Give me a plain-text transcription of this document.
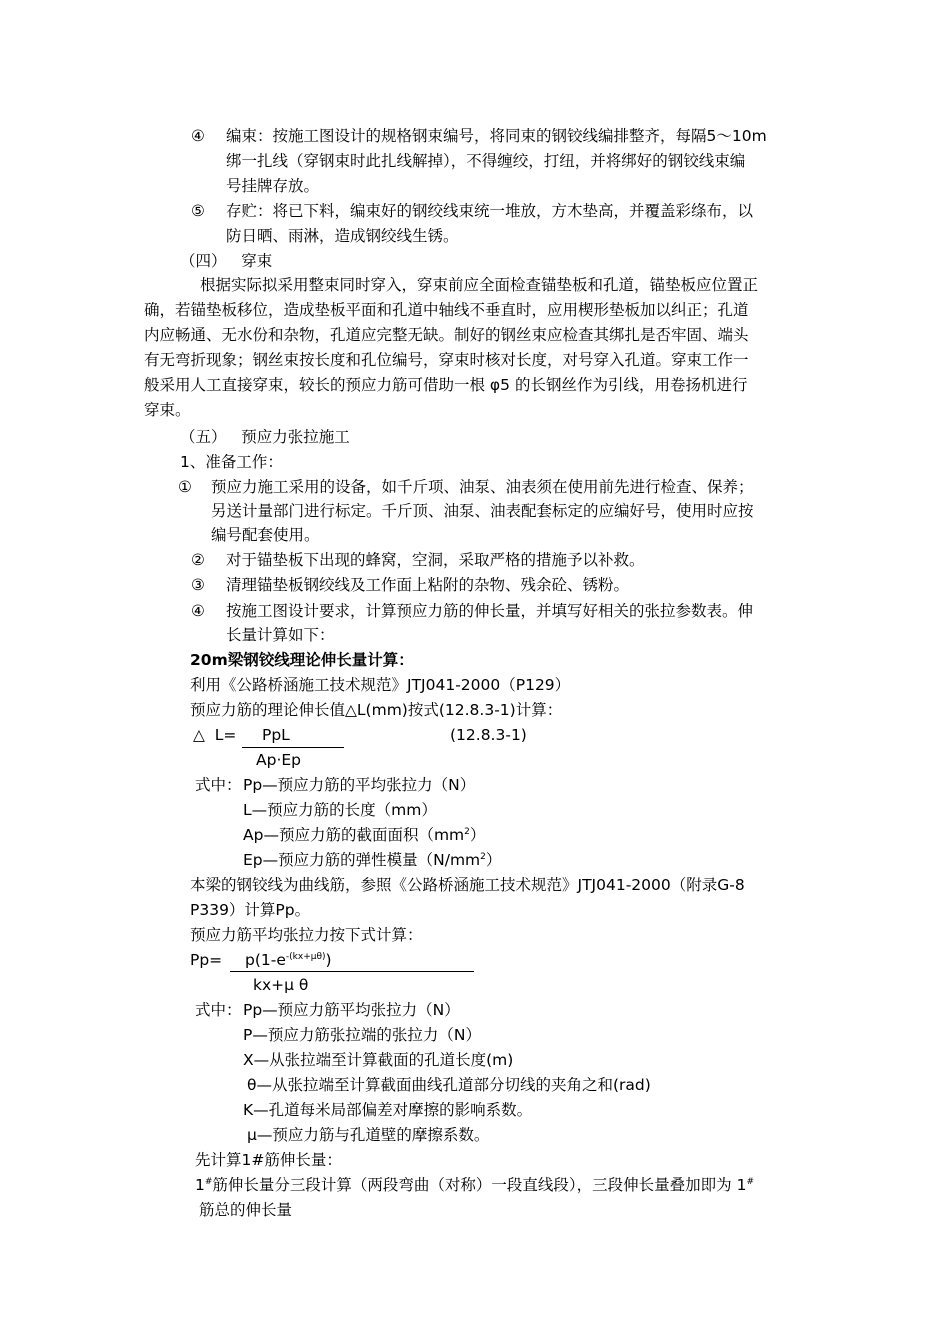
④ 编束：按施工图设计的规格钢束编号，将同束的钢铰线编排整齐，每隔5～10m
绑一扎线（穿钢束时此扎线解掉），不得缠绞，打纽，并将绑好的钢铰线束编
号挂牌存放。
⑤ 存贮：将已下料，编束好的钢绞线束统一堆放，方木垫高，并覆盖彩绦布，以
防日晒、雨淋，造成钢绞线生锈。
（四）   穿束
根据实际拟采用整束同时穿入，穿束前应全面检查锚垫板和孔道，锚垫板应位置正
确，若锚垫板移位，造成垫板平面和孔道中轴线不垂直时，应用楔形垫板加以纠正；孔道
内应畅通、无水份和杂物，孔道应完整无缺。制好的钢丝束应检查其绑扎是否牢固、端头
有无弯折现象；钢丝束按长度和孔位编号，穿束时核对长度，对号穿入孔道。穿束工作一
般采用人工直接穿束，较长的预应力筋可借助一根 φ5 的长钢丝作为引线，用卷扬机进行
穿束。
（五）   预应力张拉施工
1、准备工作：
① 预应力施工采用的设备，如千斤项、油泵、油表须在使用前先进行检查、保养；
另送计量部门进行标定。千斤顶、油泵、油表配套标定的应编好号，使用时应按
编号配套使用。
② 对于锚垫板下出现的蜂窝，空洞，采取严格的措施予以补救。
③ 清理锚垫板钢绞线及工作面上粘附的杂物、残余砼、锈粉。
④ 按施工图设计要求，计算预应力筋的伸长量，并填写好相关的张拉参数表。伸
长量计算如下：
20m梁钢铰线理论伸长量计算：
利用《公路桥涵施工技术规范》JTJ041-2000（P129）
预应力筋的理论伸长值△L(mm)按式(12.8.3-1)计算：
△  L= PpL
Ap·Ep
(12.8.3-1)
式中： Pp—预应力筋的平均张拉力（N）
L—预应力筋的长度（mm）
Ap—预应力筋的截面面积$(mm^2)$
Ep—预应力筋的弹性模量$(N/mm^2)$
本梁的钢铰线为曲线筋，参照《公路桥涵施工技术规范》JTJ041-2000（附录G-8
P339）计算Pp。
预应力筋平均张拉力按下式计算：
$Pp= p(1-e^{-(kx+\mu\theta)})$
kx+μ θ
式中： Pp—预应力筋平均张拉力（N）
P—预应力筋张拉端的张拉力（N）
X—从张拉端至计算截面的孔道长度(m)
θ—从张拉端至计算截面曲线孔道部分切线的夹角之和(rad)
K—孔道每米局部偏差对摩擦的影响系数。
μ—预应力筋与孔道壁的摩擦系数。
先计算1#筋伸长量：
1#筋伸长量分三段计算（两段弯曲（对称）一段直线段），三段伸长量叠加即为 1#
筋总的伸长量
